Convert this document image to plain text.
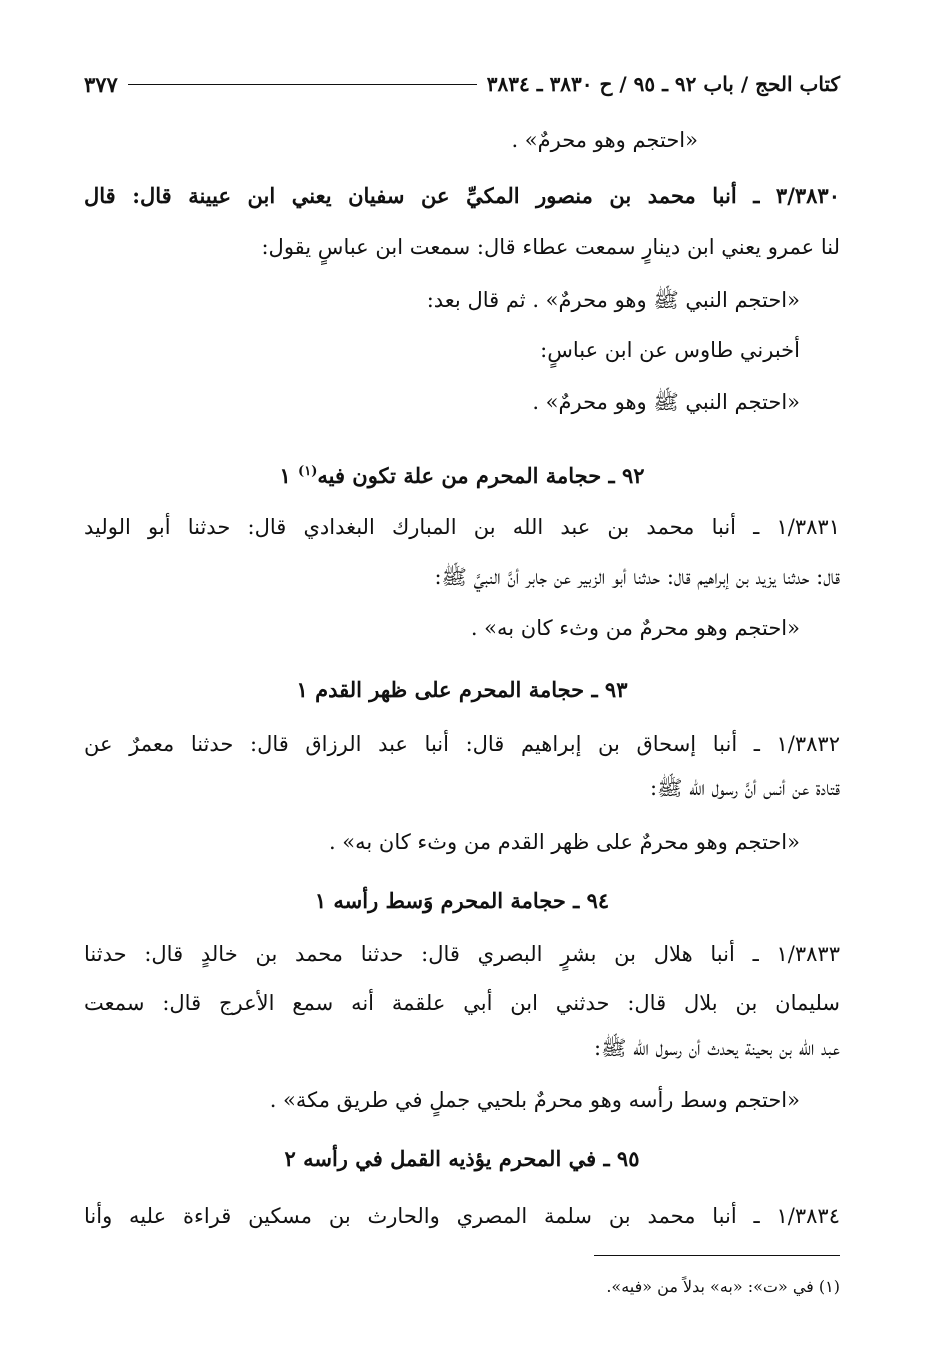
كتاب الحج / باب ٩٢ ـ ٩٥ / ح ٣٨٣٠ ـ ٣٨٣٤
٣٧٧
«احتجم وهو محرمٌ» .
٣/٣٨٣٠ ـ أنبا محمد بن منصور المكيِّ عن سفيان يعني ابن عيينة قال: قال
لنا عمرو يعني ابن دينارٍ سمعت عطاء قال: سمعت ابن عباسٍ يقول:
«احتجم النبي ﷺ وهو محرمٌ» . ثم قال بعد:
أخبرني طاوس عن ابن عباسٍ:
«احتجم النبي ﷺ وهو محرمٌ» .
٩٢ ـ حجامة المحرم من علة تكون فيه$^{(١)}$ ١
١/٣٨٣١ ـ أنبا محمد بن عبد الله بن المبارك البغدادي قال: حدثنا أبو الوليد
قال: حدثنا يزيد بن إبراهيم قال: حدثنا أبو الزبير عن جابر أنَّ النبيَّ ﷺ:
«احتجم وهو محرمٌ من وثء كان به» .
٩٣ ـ حجامة المحرم على ظهر القدم ١
١/٣٨٣٢ ـ أنبا إسحاق بن إبراهيم قال: أنبا عبد الرزاق قال: حدثنا معمرٌ عن
قتادة عن أنس أنَّ رسول الله ﷺ:
«احتجم وهو محرمٌ على ظهر القدم من وثء كان به» .
٩٤ ـ حجامة المحرم وَسط رأسه ١
١/٣٨٣٣ ـ أنبا هلال بن بشرٍ البصري قال: حدثنا محمد بن خالدٍ قال: حدثنا
سليمان بن بلال قال: حدثني ابن أبي علقمة أنه سمع الأعرج قال: سمعت
عبد الله بن بحينة يحدث أن رسول الله ﷺ:
«احتجم وسط رأسه وهو محرمٌ بلحيي جملٍ في طريق مكة» .
٩٥ ـ في المحرم يؤذيه القمل في رأسه ٢
١/٣٨٣٤ ـ أنبا محمد بن سلمة المصري والحارث بن مسكين قراءة عليه وأنا
(١) في «ت»: «به» بدلاً من «فيه».
